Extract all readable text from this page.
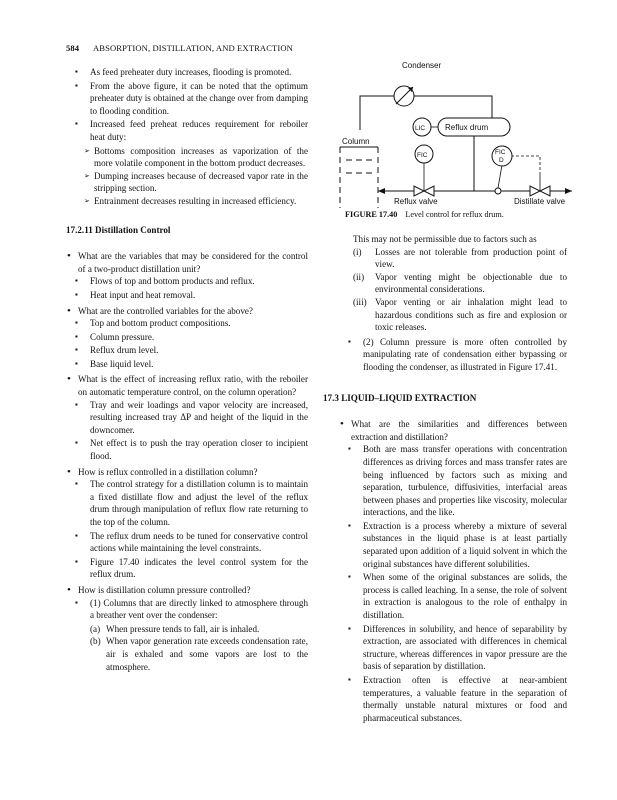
584 ABSORPTION, DISTILLATION, AND EXTRACTION
▪ As feed preheater duty increases, flooding is promoted.
▪ From the above figure, it can be noted that the optimum preheater duty is obtained at the change over from damping to flooding condition.
▪ Increased feed preheat reduces requirement for reboiler heat duty:
➢ Bottoms composition increases as vaporization of the more volatile component in the bottom product decreases.
➢ Dumping increases because of decreased vapor rate in the stripping section.
➢ Entrainment decreases resulting in increased efficiency.
17.2.11 Distillation Control
• What are the variables that may be considered for the control of a two-product distillation unit?
▪ Flows of top and bottom products and reflux.
▪ Heat input and heat removal.
• What are the controlled variables for the above?
▪ Top and bottom product compositions.
▪ Column pressure.
▪ Reflux drum level.
▪ Base liquid level.
• What is the effect of increasing reflux ratio, with the reboiler on automatic temperature control, on the column operation?
▪ Tray and weir loadings and vapor velocity are increased, resulting increased tray ΔP and height of the liquid in the downcomer.
▪ Net effect is to push the tray operation closer to incipient flood.
• How is reflux controlled in a distillation column?
▪ The control strategy for a distillation column is to maintain a fixed distillate flow and adjust the level of the reflux drum through manipulation of reflux flow rate returning to the top of the column.
▪ The reflux drum needs to be tuned for conservative control actions while maintaining the level constraints.
▪ Figure 17.40 indicates the level control system for the reflux drum.
• How is distillation column pressure controlled?
▪ (1) Columns that are directly linked to atmosphere through a breather vent over the condenser:
(a) When pressure tends to fall, air is inhaled.
(b) When vapor generation rate exceeds condensation rate, air is exhaled and some vapors are lost to the atmosphere.
Condenser
Column
Reflux drum
LIC
FIC
Reflux valve
FIC
D
Distillate valve
FIGURE 17.40 Level control for reflux drum.
This may not be permissible due to factors such as
(i) Losses are not tolerable from production point of view.
(ii) Vapor venting might be objectionable due to environmental considerations.
(iii) Vapor venting or air inhalation might lead to hazardous conditions such as fire and explosion or toxic releases.
▪ (2) Column pressure is more often controlled by manipulating rate of condensation either bypassing or flooding the condenser, as illustrated in Figure 17.41.
17.3 LIQUID–LIQUID EXTRACTION
• What are the similarities and differences between extraction and distillation?
▪ Both are mass transfer operations with concentration differences as driving forces and mass transfer rates are being influenced by factors such as mixing and separation, turbulence, diffusivities, interfacial areas between phases and properties like viscosity, molecular interactions, and the like.
▪ Extraction is a process whereby a mixture of several substances in the liquid phase is at least partially separated upon addition of a liquid solvent in which the original substances have different solubilities.
▪ When some of the original substances are solids, the process is called leaching. In a sense, the role of solvent in extraction is analogous to the role of enthalpy in distillation.
▪ Differences in solubility, and hence of separability by extraction, are associated with differences in chemical structure, whereas differences in vapor pressure are the basis of separation by distillation.
▪ Extraction often is effective at near-ambient temperatures, a valuable feature in the separation of thermally unstable natural mixtures or food and pharmaceutical substances.
